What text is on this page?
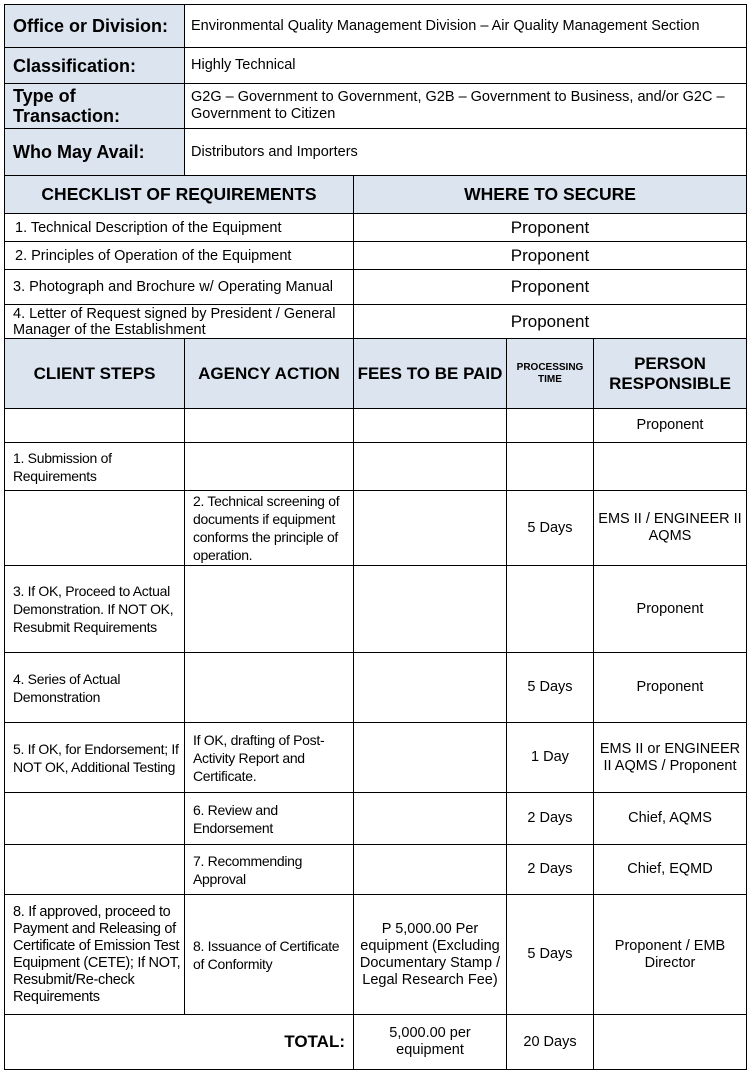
Office or Division:	Environmental Quality Management Division – Air Quality Management Section			
Classification:	Highly Technical			
Type of Transaction:	G2G – Government to Government, G2B – Government to Business, and/or G2C – Government to Citizen			
Who May Avail:	Distributors and Importers			
CHECKLIST OF REQUIREMENTS		WHERE TO SECURE		
1. Technical Description of the Equipment		Proponent		
2. Principles of Operation of the Equipment		Proponent		
3. Photograph and Brochure w/ Operating Manual		Proponent		
4. Letter of Request signed by President / General Manager of the Establishment		Proponent		
CLIENT STEPS	AGENCY ACTION	FEES TO BE PAID	PROCESSING TIME	PERSON RESPONSIBLE
				Proponent
1. Submission of Requirements				
	2. Technical screening of documents if equipment conforms the principle of operation.		5 Days	EMS II / ENGINEER II AQMS
3. If OK, Proceed to Actual Demonstration. If NOT OK, Resubmit Requirements				Proponent
4. Series of Actual Demonstration			5 Days	Proponent
5. If OK, for Endorsement; If NOT OK, Additional Testing	If OK, drafting of Post-Activity Report and Certificate.		1 Day	EMS II or ENGINEER II AQMS / Proponent
	6. Review and Endorsement		2 Days	Chief, AQMS
	7. Recommending Approval		2 Days	Chief, EQMD
8. If approved, proceed to Payment and Releasing of Certificate of Emission Test Equipment (CETE); If NOT, Resubmit/Re-check Requirements	8. Issuance of Certificate of Conformity	P 5,000.00 Per equipment (Excluding Documentary Stamp / Legal Research Fee)	5 Days	Proponent / EMB Director
TOTAL:		5,000.00 per equipment	20 Days	
